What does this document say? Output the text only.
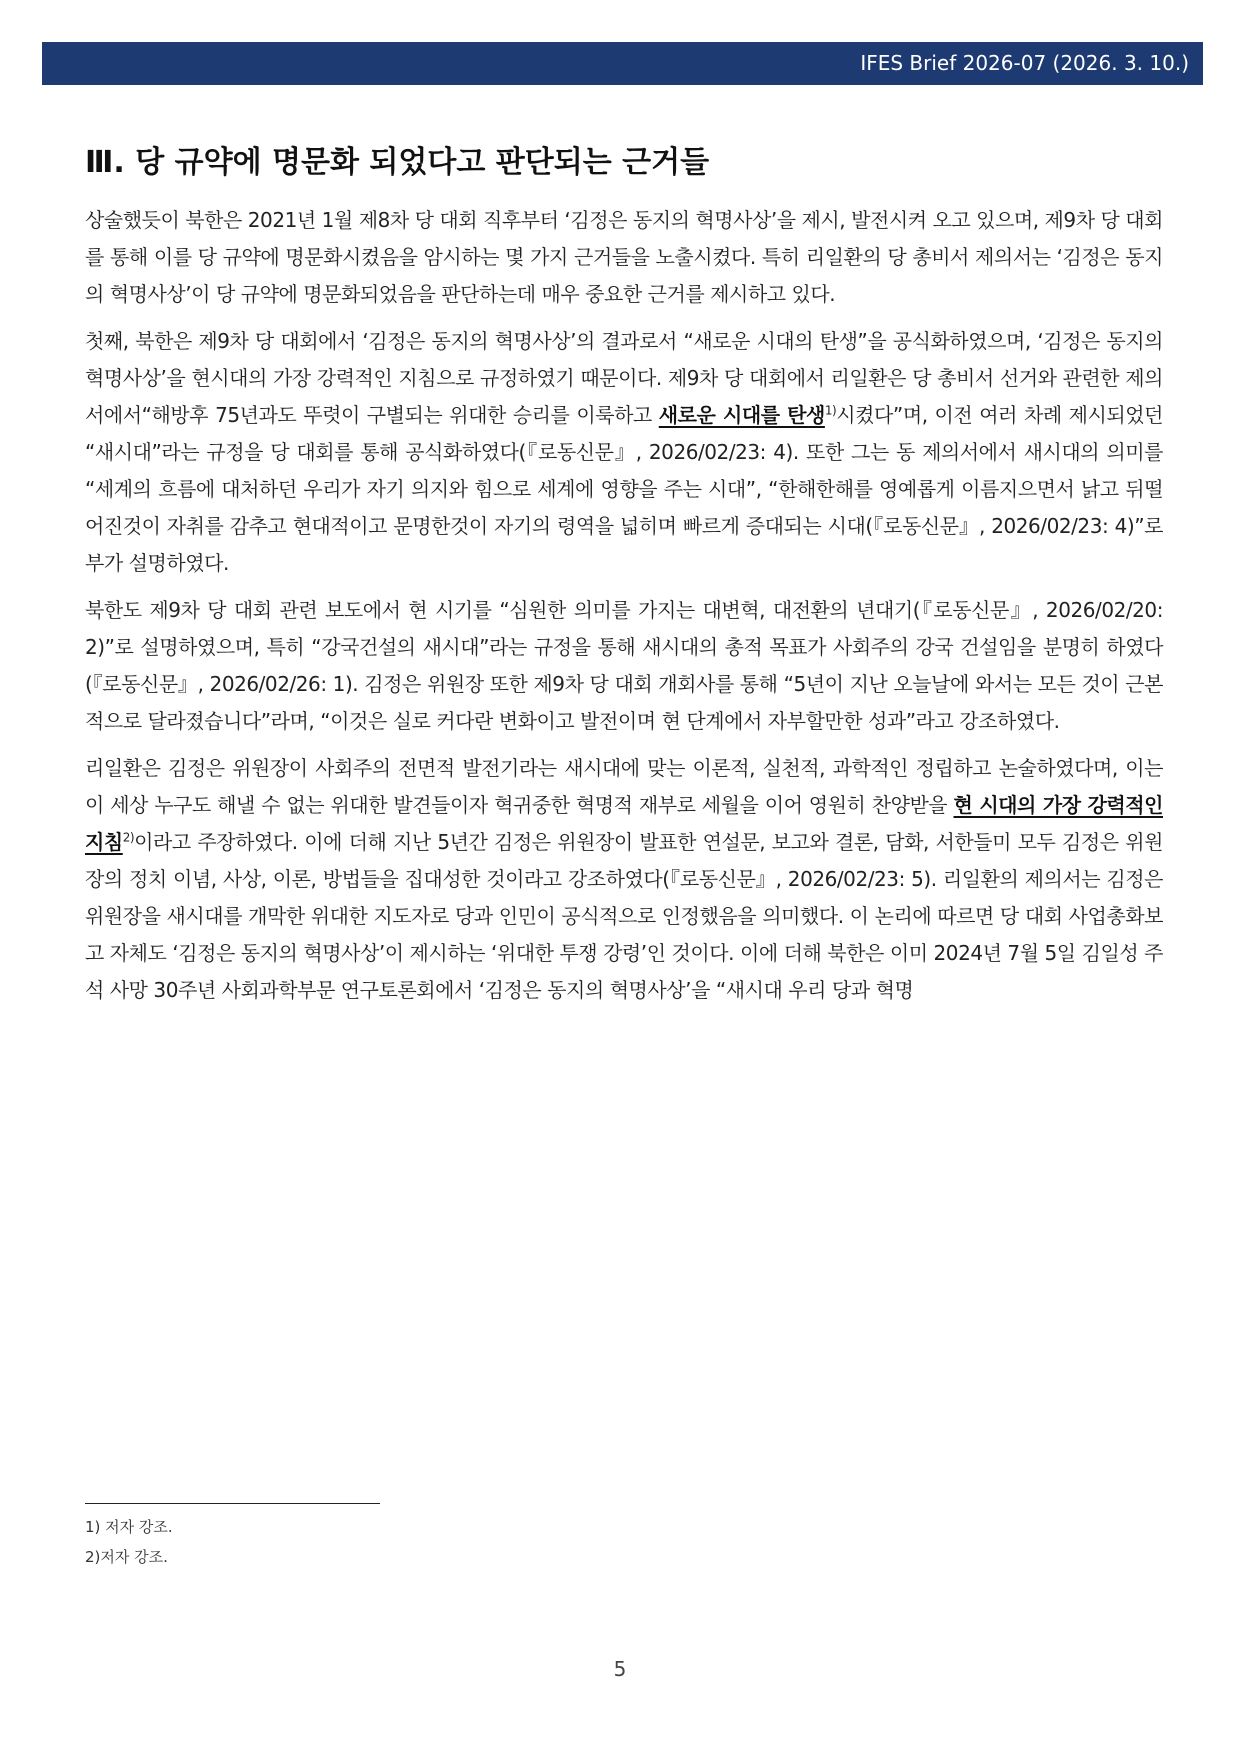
IFES Brief 2026-07 (2026. 3. 10.)
Ⅲ. 당 규약에 명문화 되었다고 판단되는 근거들

상술했듯이 북한은 2021년 1월 제8차 당 대회 직후부터 ‘김정은 동지의 혁명사상’을 제시, 발전시켜 오고 있으며, 제9차 당 대회를 통해 이를 당 규약에 명문화시켰음을 암시하는 몇 가지 근거들을 노출시켰다. 특히 리일환의 당 총비서 제의서는 ‘김정은 동지의 혁명사상’이 당 규약에 명문화되었음을 판단하는데 매우 중요한 근거를 제시하고 있다.

첫째, 북한은 제9차 당 대회에서 ‘김정은 동지의 혁명사상’의 결과로서 “새로운 시대의 탄생”을 공식화하였으며, ‘김정은 동지의 혁명사상’을 현시대의 가장 강력적인 지침으로 규정하였기 때문이다. 제9차 당 대회에서 리일환은 당 총비서 선거와 관련한 제의서에서“해방후 75년과도 뚜렷이 구별되는 위대한 승리를 이룩하고 새로운 시대를 탄생$^{1)}$시켰다”며, 이전 여러 차례 제시되었던 “새시대”라는 규정을 당 대회를 통해 공식화하였다(『로동신문』, 2026/02/23: 4). 또한 그는 동 제의서에서 새시대의 의미를 “세계의 흐름에 대처하던 우리가 자기 의지와 힘으로 세계에 영향을 주는 시대”, “한해한해를 영예롭게 이름지으면서 낡고 뒤떨어진것이 자취를 감추고 현대적이고 문명한것이 자기의 령역을 넓히며 빠르게 증대되는 시대(『로동신문』, 2026/02/23: 4)”로 부가 설명하였다.

북한도 제9차 당 대회 관련 보도에서 현 시기를 “심원한 의미를 가지는 대변혁, 대전환의 년대기(『로동신문』, 2026/02/20: 2)”로 설명하였으며, 특히 “강국건설의 새시대”라는 규정을 통해 새시대의 총적 목표가 사회주의 강국 건설임을 분명히 하였다(『로동신문』, 2026/02/26: 1). 김정은 위원장 또한 제9차 당 대회 개회사를 통해 “5년이 지난 오늘날에 와서는 모든 것이 근본적으로 달라졌습니다”라며, “이것은 실로 커다란 변화이고 발전이며 현 단계에서 자부할만한 성과”라고 강조하였다.

리일환은 김정은 위원장이 사회주의 전면적 발전기라는 새시대에 맞는 이론적, 실천적, 과학적인 정립하고 논술하였다며, 이는 이 세상 누구도 해낼 수 없는 위대한 발견들이자 혁귀중한 혁명적 재부로 세월을 이어 영원히 찬양받을 현 시대의 가장 강력적인 지침$^{2)}$이라고 주장하였다. 이에 더해 지난 5년간 김정은 위원장이 발표한 연설문, 보고와 결론, 담화, 서한들미 모두 김정은 위원장의 정치 이념, 사상, 이론, 방법들을 집대성한 것이라고 강조하였다(『로동신문』, 2026/02/23: 5). 리일환의 제의서는 김정은 위원장을 새시대를 개막한 위대한 지도자로 당과 인민이 공식적으로 인정했음을 의미했다. 이 논리에 따르면 당 대회 사업총화보고 자체도 ‘김정은 동지의 혁명사상’이 제시하는 ‘위대한 투쟁 강령’인 것이다. 이에 더해 북한은 이미 2024년 7월 5일 김일성 주석 사망 30주년 사회과학부문 연구토론회에서 ‘김정은 동지의 혁명사상’을 “새시대 우리 당과 혁명

1) 저자 강조.
2)저자 강조.
5
